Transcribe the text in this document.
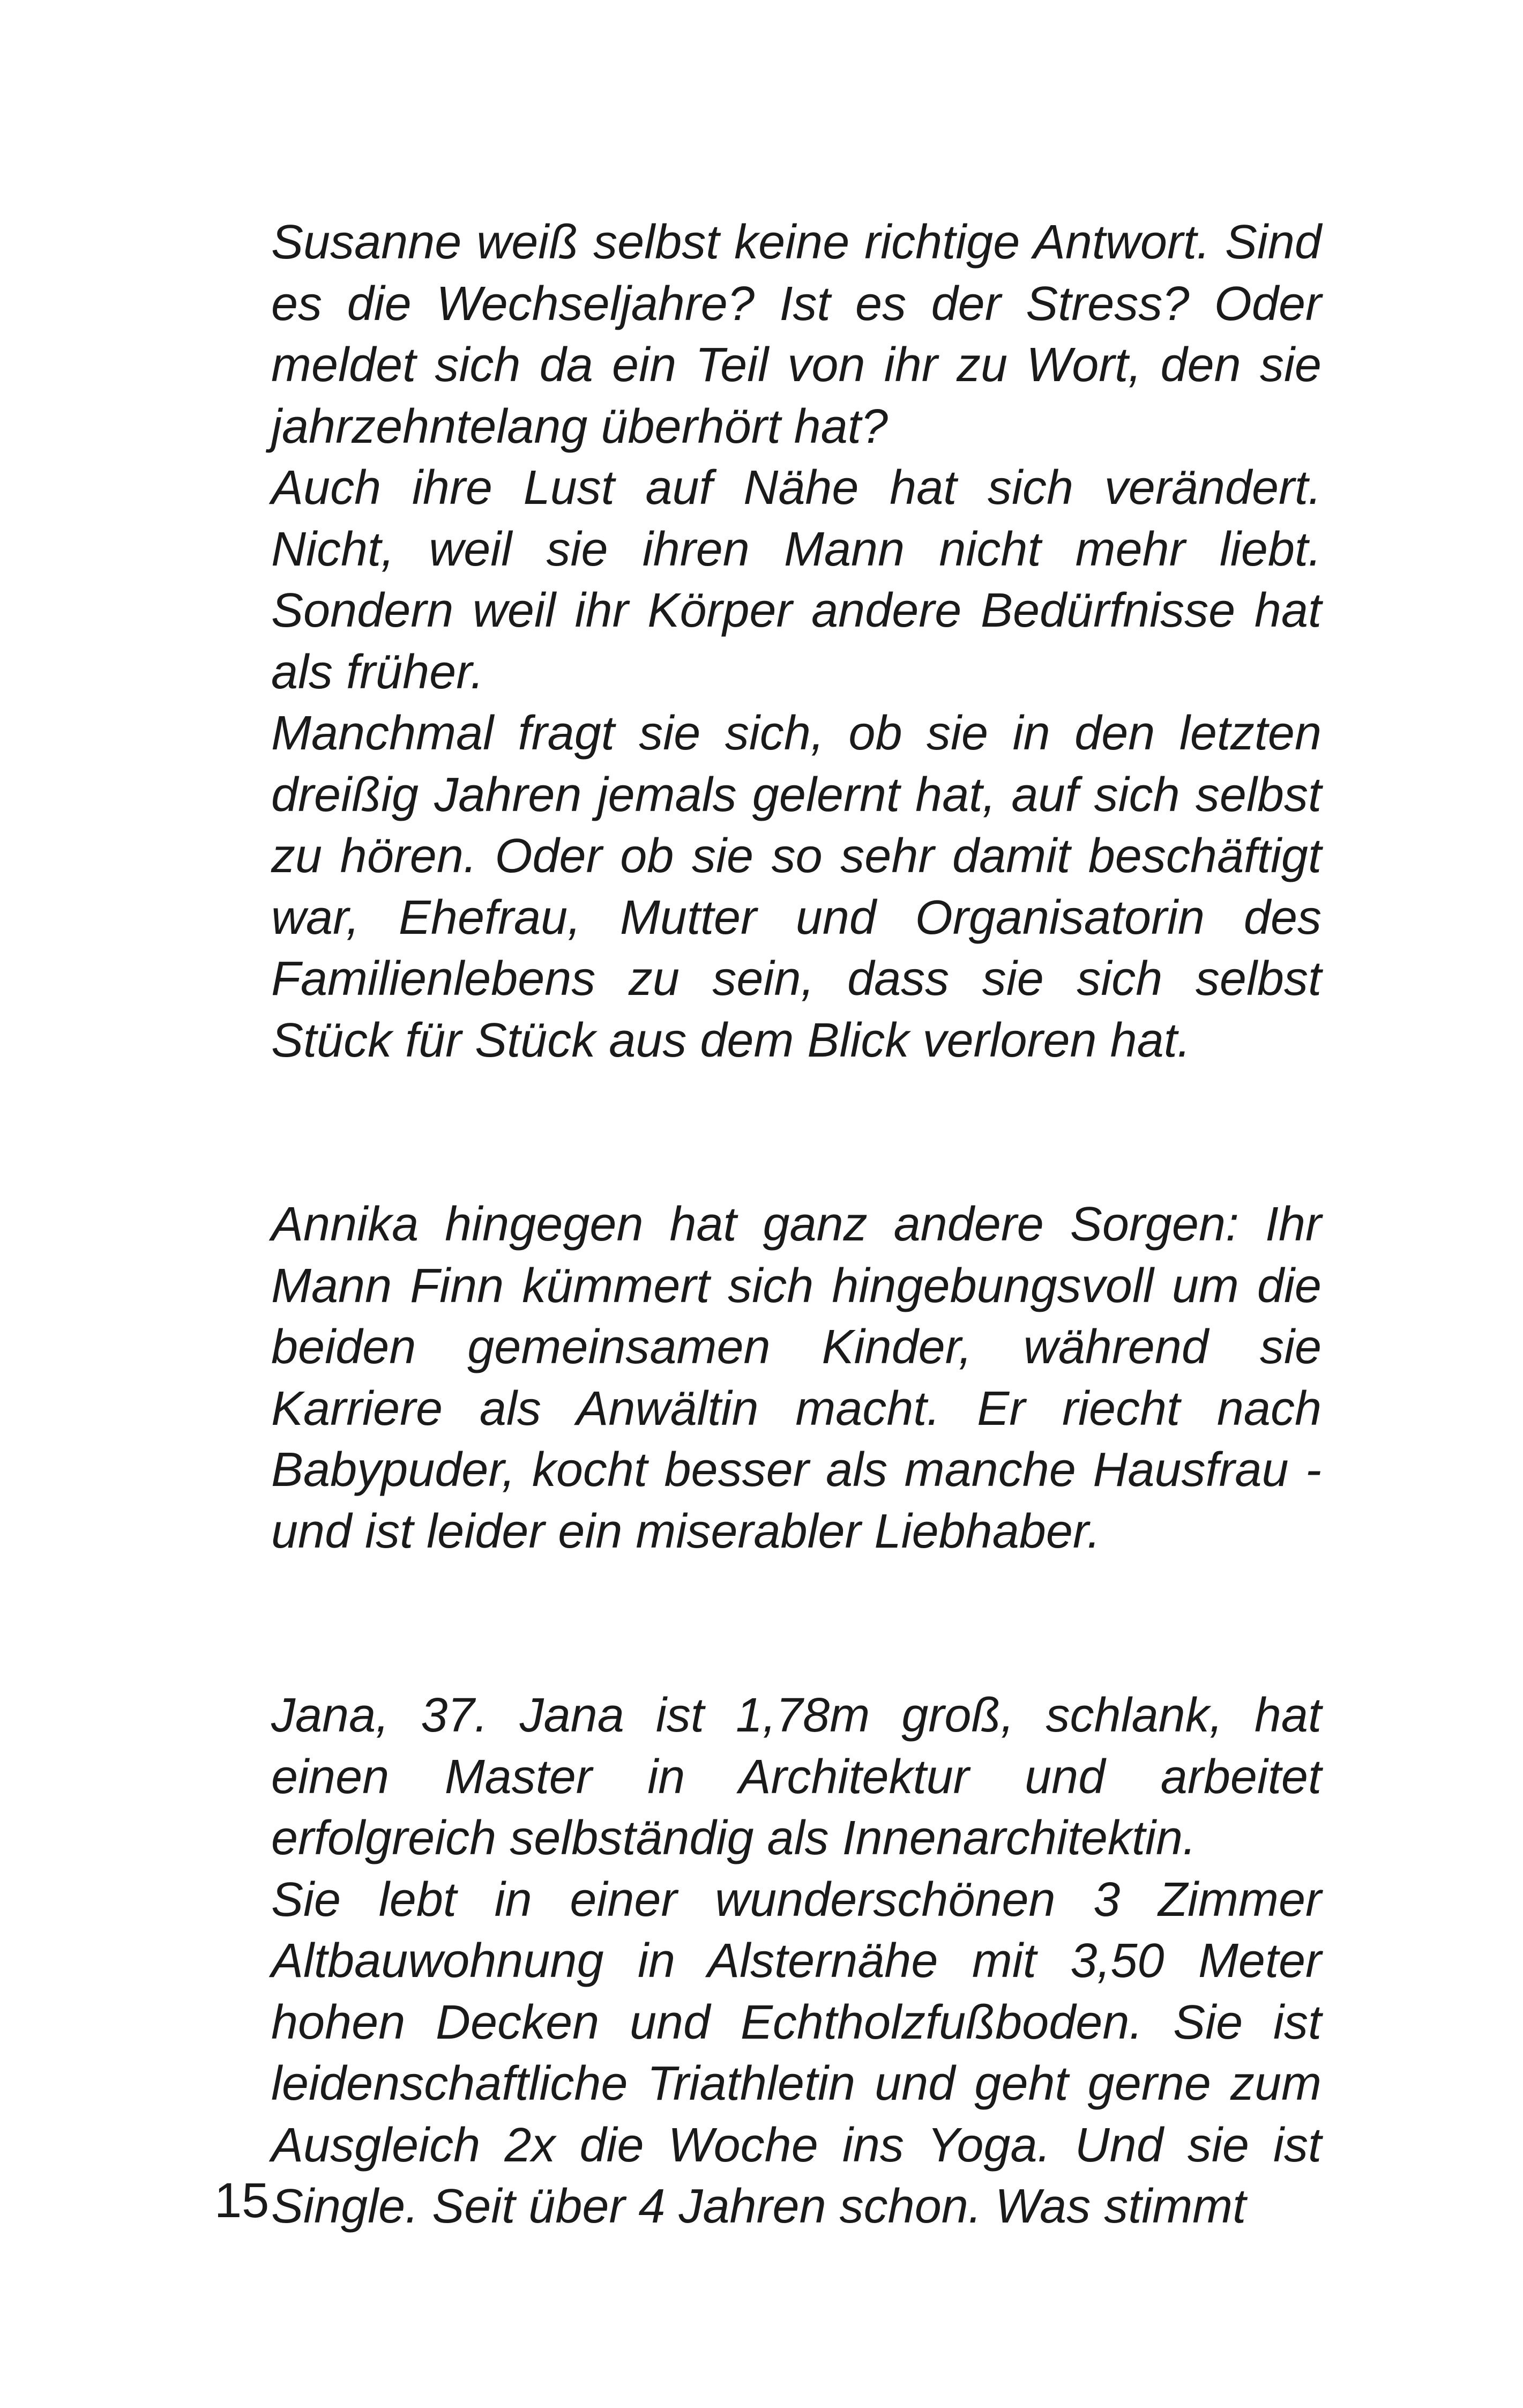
Susanne weiß selbst keine richtige Antwort. Sind es die Wechseljahre? Ist es der Stress? Oder meldet sich da ein Teil von ihr zu Wort, den sie jahrzehntelang überhört hat?

Auch ihre Lust auf Nähe hat sich verändert. Nicht, weil sie ihren Mann nicht mehr liebt. Sondern weil ihr Körper andere Bedürfnisse hat als früher.

Manchmal fragt sie sich, ob sie in den letzten dreißig Jahren jemals gelernt hat, auf sich selbst zu hören. Oder ob sie so sehr damit beschäftigt war, Ehefrau, Mutter und Organisatorin des Familienlebens zu sein, dass sie sich selbst Stück für Stück aus dem Blick verloren hat.

Annika hingegen hat ganz andere Sorgen: Ihr Mann Finn kümmert sich hingebungsvoll um die beiden gemeinsamen Kinder, während sie Karriere als Anwältin macht. Er riecht nach Babypuder, kocht besser als manche Hausfrau - und ist leider ein miserabler Liebhaber.

Jana, 37. Jana ist 1,78m groß, schlank, hat einen Master in Architektur und arbeitet erfolgreich selbständig als Innenarchitektin.

Sie lebt in einer wunderschönen 3 Zimmer Altbauwohnung in Alsternähe mit 3,50 Meter hohen Decken und Echtholzfußboden. Sie ist leidenschaftliche Triathletin und geht gerne zum Ausgleich 2x die Woche ins Yoga. Und sie ist Single. Seit über 4 Jahren schon. Was stimmt

15
